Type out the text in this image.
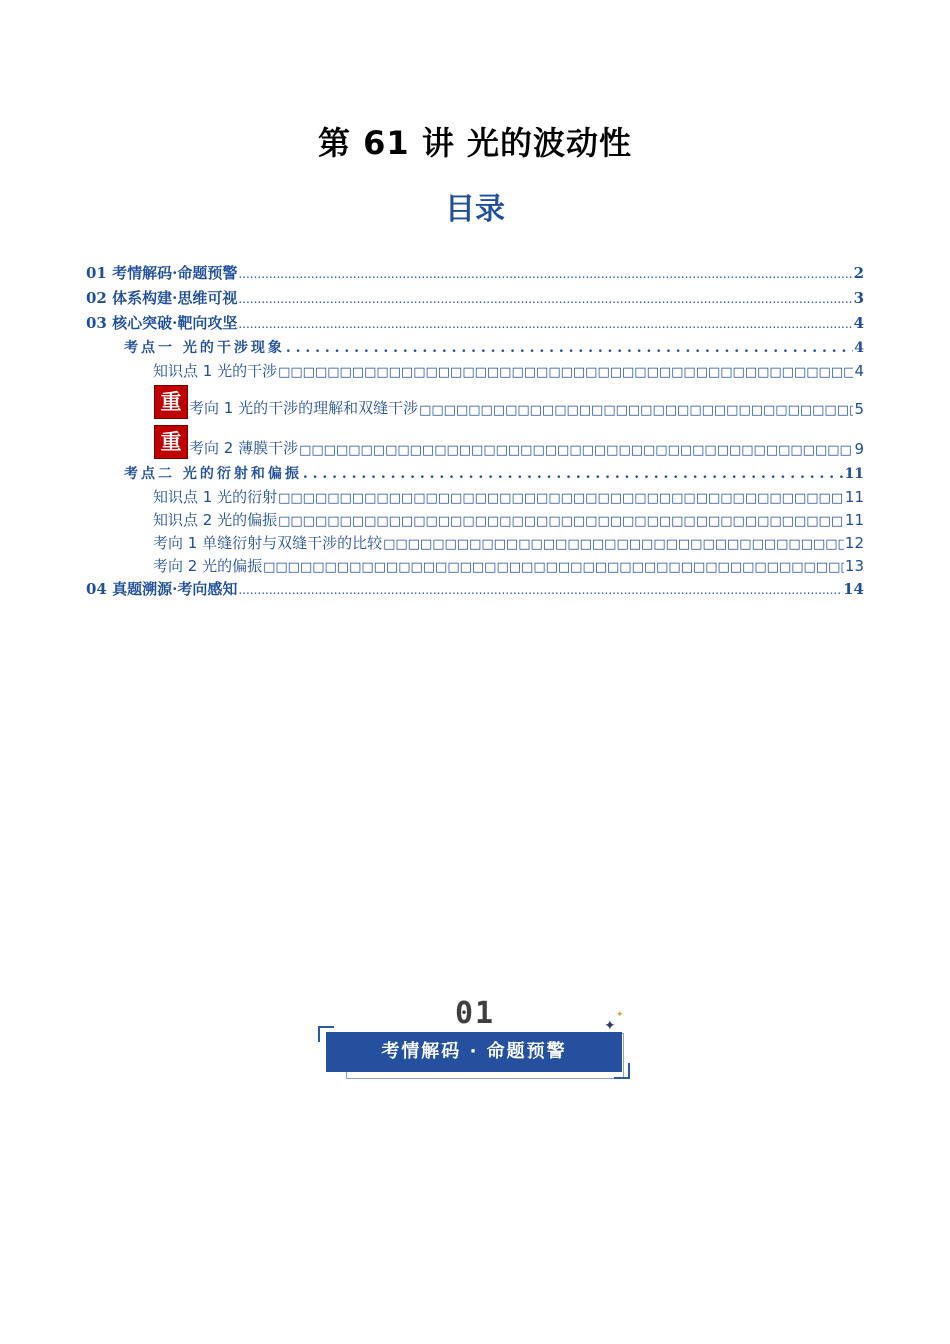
第 61 讲 光的波动性
目录
01 考情解码·命题预警 .....	2
02 体系构建·思维可视 .....	3
03 核心突破·靶向攻坚 .....	4
考点一 光的干涉现象 . . .	4
知识点 1 光的干涉 □□□□□□□□□□□□□□□□□□□□□□□□□□□□□□□□□□□□□□□□□□□□□□□□□□□□□□□□□□□□□□□□□□□□□□□□□□□	4
重 考向 1 光的干涉的理解和双缝干涉 □□□□□□□□□□□□□□□□□□□□□□□□□□□□□□□□□□□□□□□□□□□□□□□□□□□□□□□□□□□□□□□□□□□□□□□□□□□	5
重 考向 2 薄膜干涉 □□□□□□□□□□□□□□□□□□□□□□□□□□□□□□□□□□□□□□□□□□□□□□□□□□□□□□□□□□□□□□□□□□□□□□□□□□□	9
考点二 光的衍射和偏振 . . .	11
知识点 1 光的衍射 □□□□□□□□□□□□□□□□□□□□□□□□□□□□□□□□□□□□□□□□□□□□□□□□□□□□□□□□□□□□□□□□□□□□□□□□□□□	11
知识点 2 光的偏振 □□□□□□□□□□□□□□□□□□□□□□□□□□□□□□□□□□□□□□□□□□□□□□□□□□□□□□□□□□□□□□□□□□□□□□□□□□□	11
考向 1 单缝衍射与双缝干涉的比较 □□□□□□□□□□□□□□□□□□□□□□□□□□□□□□□□□□□□□□□□□□□□□□□□□□□□□□□□□□□□□□□□□□□□□□□□□□□	12
考向 2 光的偏振 □□□□□□□□□□□□□□□□□□□□□□□□□□□□□□□□□□□□□□□□□□□□□□□□□□□□□□□□□□□□□□□□□□□□□□□□□□□	13
04 真题溯源·考向感知 .....	14
01
考情解码 · 命题预警
✦
✦
